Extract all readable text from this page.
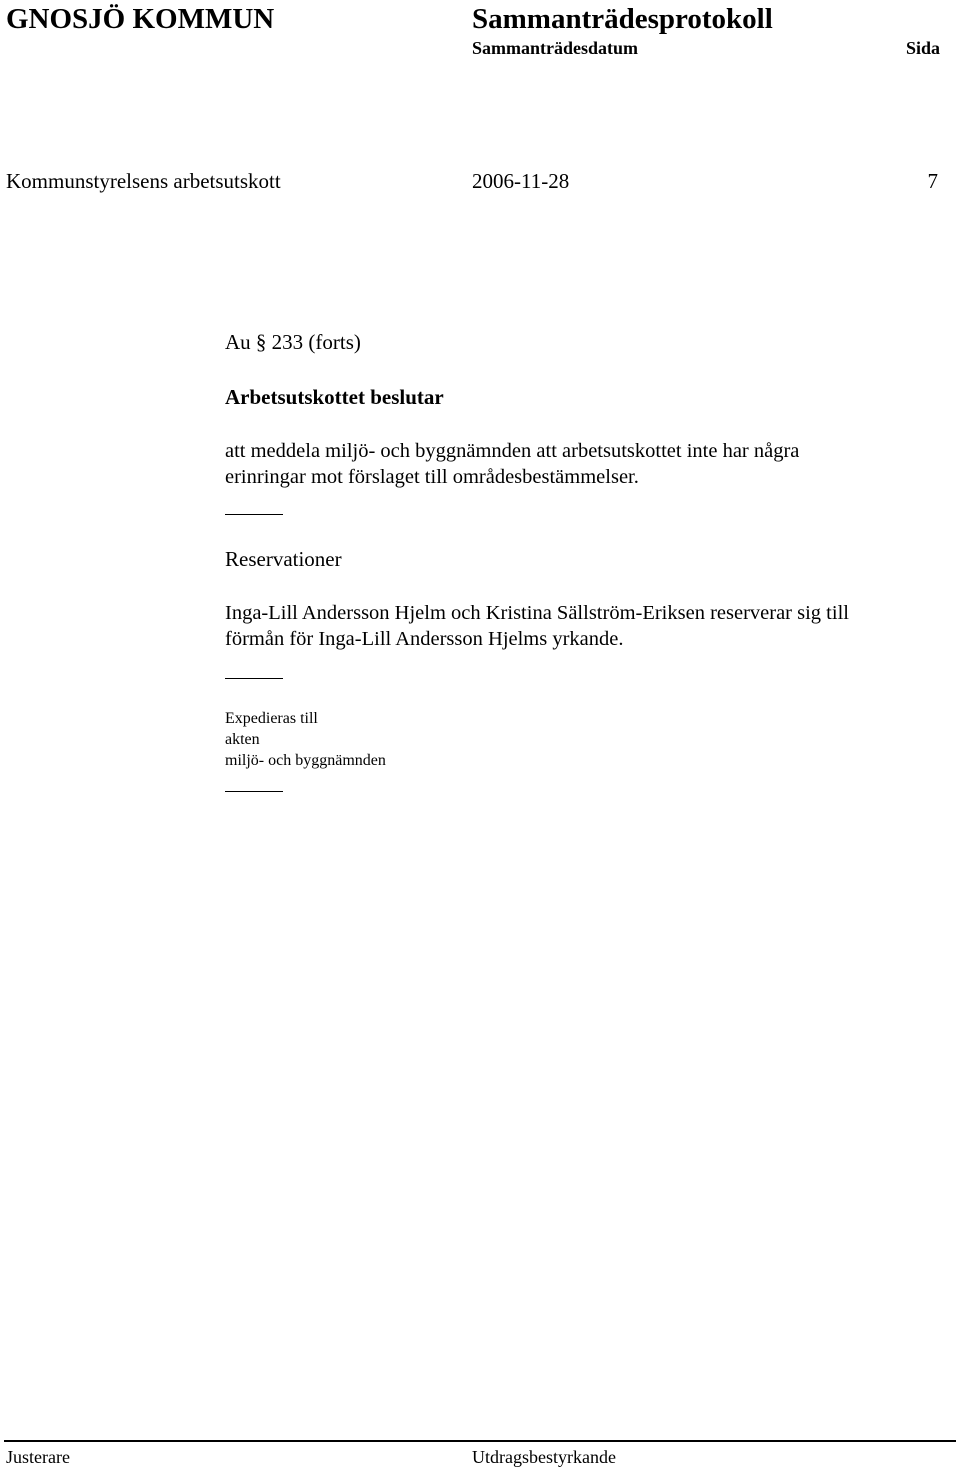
GNOSJÖ KOMMUN	Sammanträdesprotokoll
Sammanträdesdatum	Sida
Kommunstyrelsens arbetsutskott	2006-11-28	7
Au § 233 (forts)
Arbetsutskottet beslutar
att meddela miljö- och byggnämnden att arbetsutskottet inte har några
erinringar mot förslaget till områdesbestämmelser.
Reservationer
Inga-Lill Andersson Hjelm och Kristina Sällström-Eriksen reserverar sig till
förmån för Inga-Lill Andersson Hjelms yrkande.
Expedieras till
akten
miljö- och byggnämnden
Justerare	Utdragsbestyrkande
